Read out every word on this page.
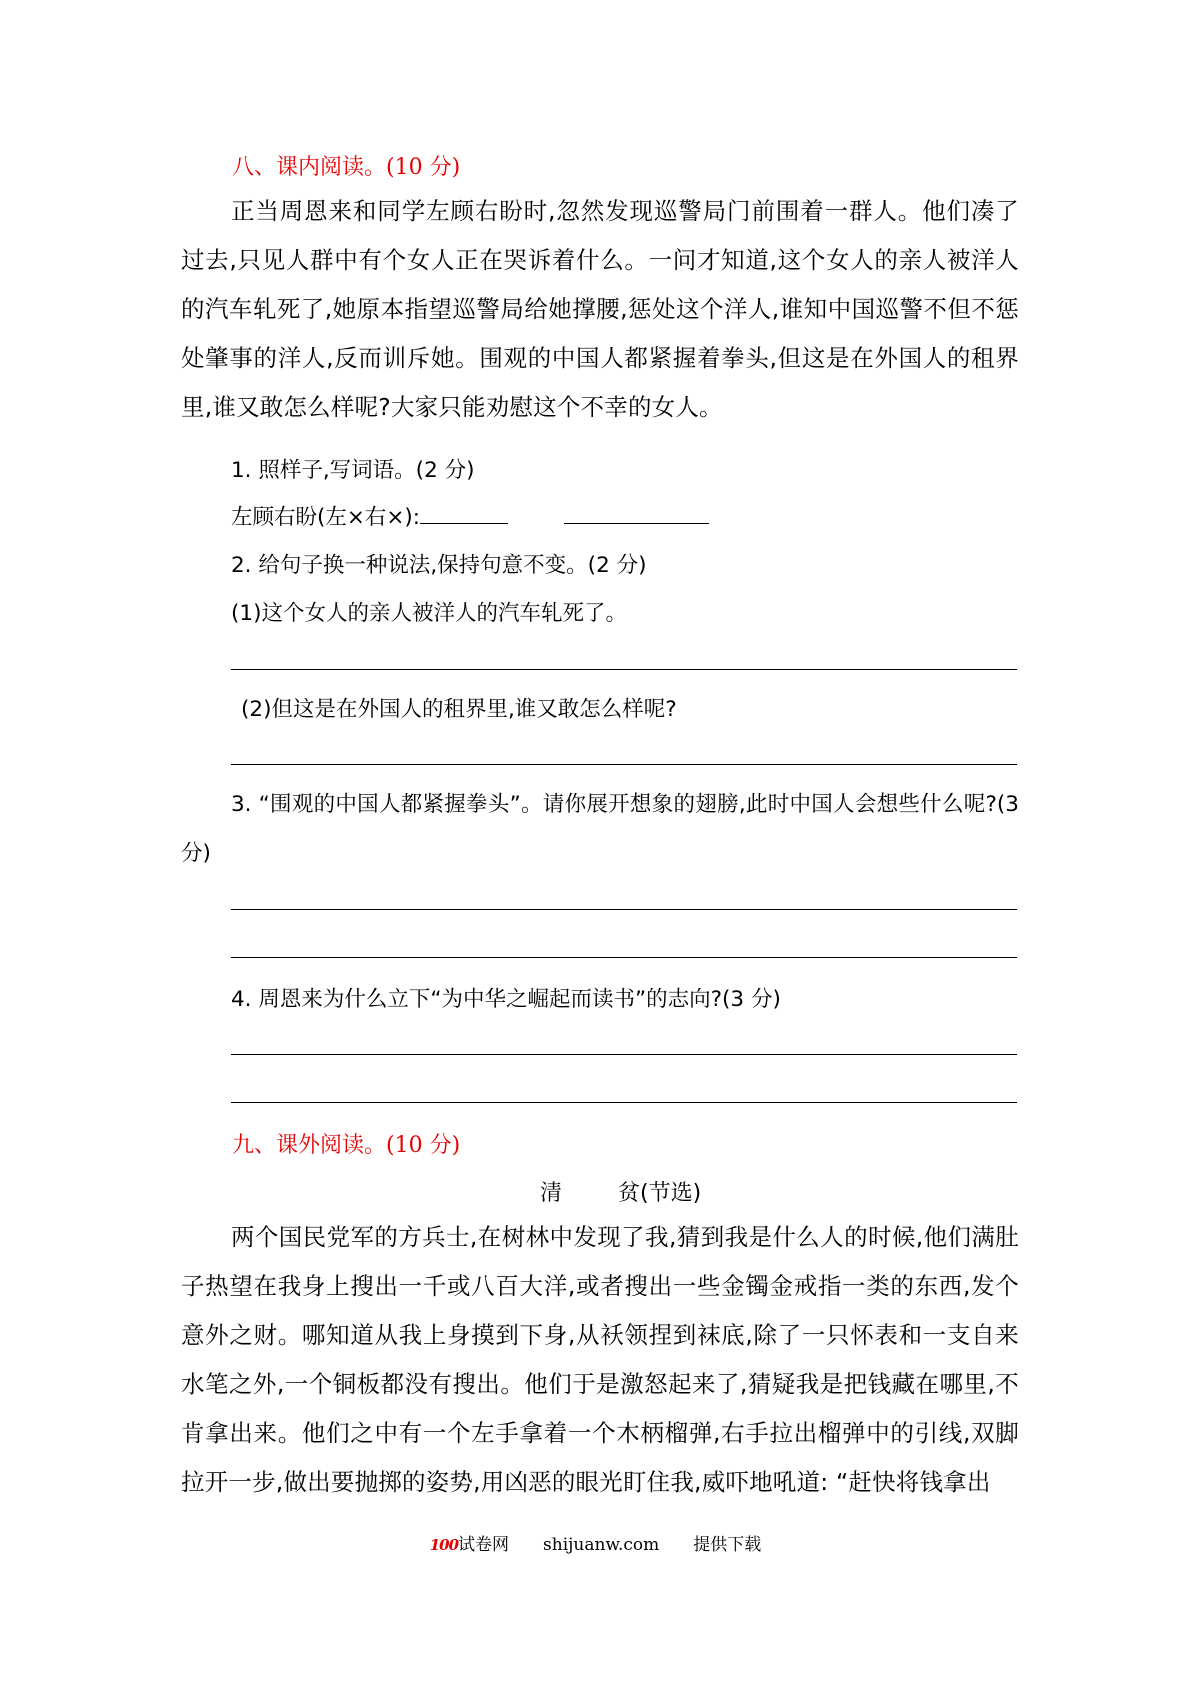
八、课内阅读。(10 分)

正当周恩来和同学左顾右盼时,忽然发现巡警局门前围着一群人。他们凑了过去,只见人群中有个女人正在哭诉着什么。一问才知道,这个女人的亲人被洋人的汽车轧死了,她原本指望巡警局给她撑腰,惩处这个洋人,谁知中国巡警不但不惩处肇事的洋人,反而训斥她。围观的中国人都紧握着拳头,但这是在外国人的租界里,谁又敢怎么样呢?大家只能劝慰这个不幸的女人。

1. 照样子,写词语。(2 分)
左顾右盼(左×右×):
2. 给句子换一种说法,保持句意不变。(2 分)
(1)这个女人的亲人被洋人的汽车轧死了。
(2)但这是在外国人的租界里,谁又敢怎么样呢?

3. “围观的中国人都紧握拳头”。请你展开想象的翅膀,此时中国人会想些什么呢?(3 分)

4. 周恩来为什么立下“为中华之崛起而读书”的志向?(3 分)
九、课外阅读。(10 分)
清	贫(节选)

两个国民党军的方兵士,在树林中发现了我,猜到我是什么人的时候,他们满肚子热望在我身上搜出一千或八百大洋,或者搜出一些金镯金戒指一类的东西,发个意外之财。哪知道从我上身摸到下身,从袄领捏到袜底,除了一只怀表和一支自来水笔之外,一个铜板都没有搜出。他们于是激怒起来了,猜疑我是把钱藏在哪里,不肯拿出来。他们之中有一个左手拿着一个木柄榴弹,右手拉出榴弹中的引线,双脚拉开一步,做出要抛掷的姿势,用凶恶的眼光盯住我,威吓地吼道: “赶快将钱拿出

100试卷网 shijuanw.com 提供下载
